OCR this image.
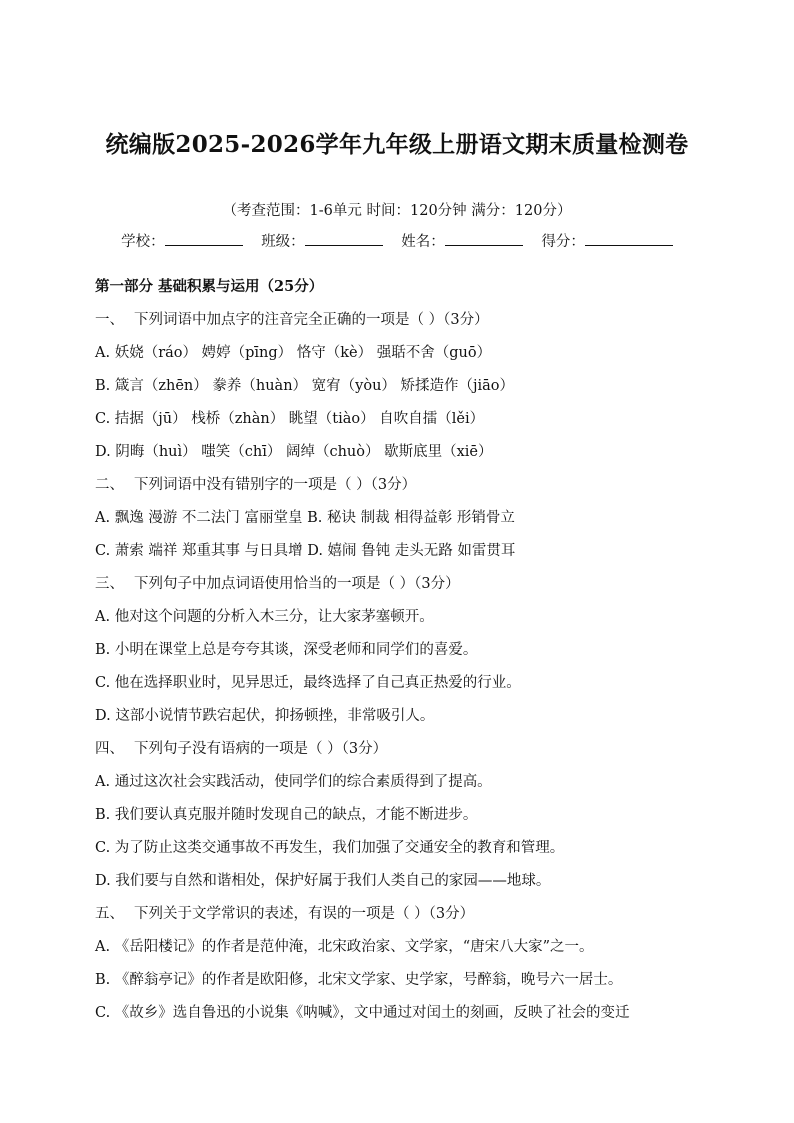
统编版2025-2026学年九年级上册语文期末质量检测卷
（考查范围：1-6单元 时间：120分钟 满分：120分）
学校：	班级：	姓名：	得分：
第一部分 基础积累与运用（25分）
一、 下列词语中加点字的注音完全正确的一项是（ ）（3分）
A. 妖娆（ráo） 娉婷（pīng） 恪守（kè） 强聒不舍（guō）
B. 箴言（zhēn） 豢养（huàn） 宽宥（yòu） 矫揉造作（jiāo）
C. 拮据（jū） 栈桥（zhàn） 眺望（tiào） 自吹自擂（lěi）
D. 阴晦（huì） 嗤笑（chī） 阔绰（chuò） 歇斯底里（xiē）
二、 下列词语中没有错别字的一项是（ ）（3分）
A. 飘逸 漫游 不二法门 富丽堂皇 B. 秘诀 制裁 相得益彰 形销骨立
C. 萧索 端祥 郑重其事 与日具增 D. 嬉闹 鲁钝 走头无路 如雷贯耳
三、 下列句子中加点词语使用恰当的一项是（ ）（3分）
A. 他对这个问题的分析入木三分，让大家茅塞顿开。
B. 小明在课堂上总是夸夸其谈，深受老师和同学们的喜爱。
C. 他在选择职业时，见异思迁，最终选择了自己真正热爱的行业。
D. 这部小说情节跌宕起伏，抑扬顿挫，非常吸引人。
四、 下列句子没有语病的一项是（ ）（3分）
A. 通过这次社会实践活动，使同学们的综合素质得到了提高。
B. 我们要认真克服并随时发现自己的缺点，才能不断进步。
C. 为了防止这类交通事故不再发生，我们加强了交通安全的教育和管理。
D. 我们要与自然和谐相处，保护好属于我们人类自己的家园——地球。
五、 下列关于文学常识的表述，有误的一项是（ ）（3分）
A. 《岳阳楼记》的作者是范仲淹，北宋政治家、文学家，“唐宋八大家”之一。
B. 《醉翁亭记》的作者是欧阳修，北宋文学家、史学家，号醉翁，晚号六一居士。
C. 《故乡》选自鲁迅的小说集《呐喊》，文中通过对闰土的刻画，反映了社会的变迁
